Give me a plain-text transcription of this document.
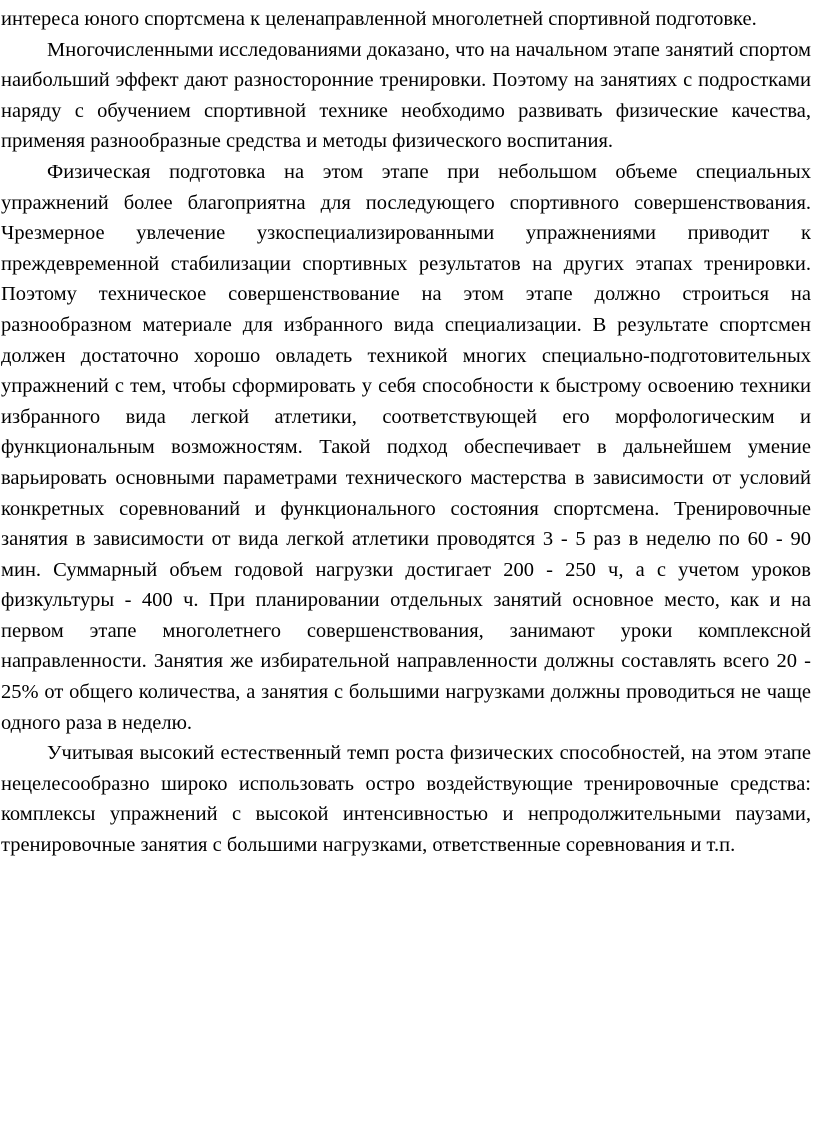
интереса юного спортсмена к целенаправленной многолетней спортивной подготовке.

Многочисленными исследованиями доказано, что на начальном этапе занятий спортом наибольший эффект дают разносторонние тренировки. Поэтому на занятиях с подростками наряду с обучением спортивной технике необходимо развивать физические качества, применяя разнообразные средства и методы физического воспитания.

Физическая подготовка на этом этапе при небольшом объеме специальных упражнений более благоприятна для последующего спортивного совершенствования. Чрезмерное увлечение узкоспециализированными упражнениями приводит к преждевременной стабилизации спортивных результатов на других этапах тренировки. Поэтому техническое совершенствование на этом этапе должно строиться на разнообразном материале для избранного вида специализации. В результате спортсмен должен достаточно хорошо овладеть техникой многих специально-подготовительных упражнений с тем, чтобы сформировать у себя способности к быстрому освоению техники избранного вида легкой атлетики, соответствующей его морфологическим и функциональным возможностям. Такой подход обеспечивает в дальнейшем умение варьировать основными параметрами технического мастерства в зависимости от условий конкретных соревнований и функционального состояния спортсмена. Тренировочные занятия в зависимости от вида легкой атлетики проводятся 3 - 5 раз в неделю по 60 - 90 мин. Суммарный объем годовой нагрузки достигает 200 - 250 ч, а с учетом уроков физкультуры - 400 ч. При планировании отдельных занятий основное место, как и на первом этапе многолетнего совершенствования, занимают уроки комплексной направленности. Занятия же избирательной направленности должны составлять всего 20 - 25% от общего количества, а занятия с большими нагрузками должны проводиться не чаще одного раза в неделю.

Учитывая высокий естественный темп роста физических способностей, на этом этапе нецелесообразно широко использовать остро воздействующие тренировочные средства: комплексы упражнений с высокой интенсивностью и непродолжительными паузами, тренировочные занятия с большими нагрузками, ответственные соревнования и т.п.
